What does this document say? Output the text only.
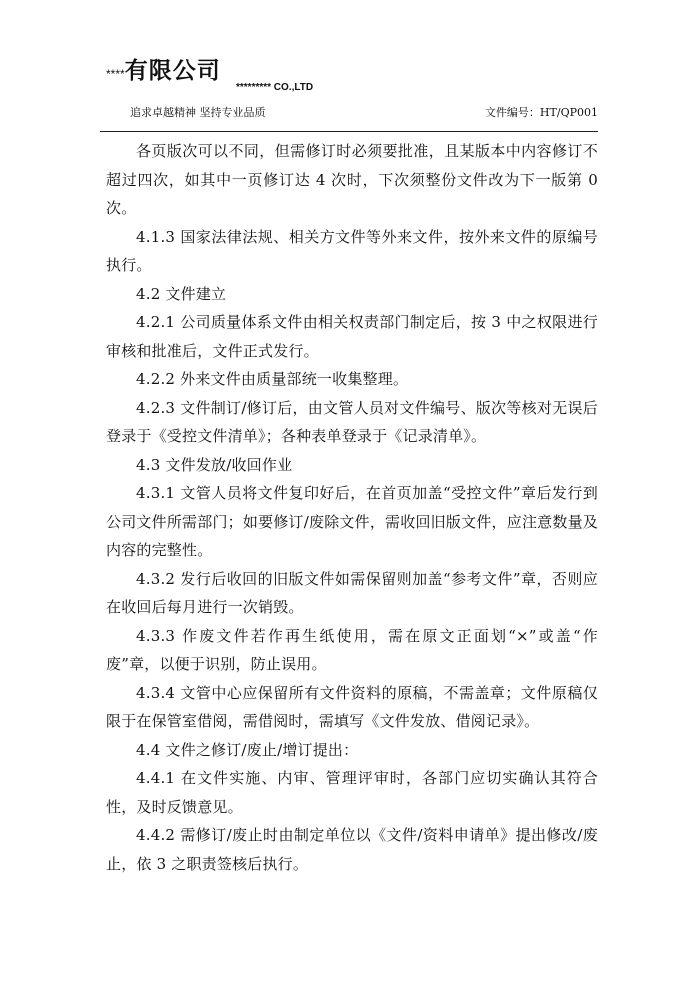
****有限公司
********* CO.,LTD
追求卓越精神 坚持专业品质	文件编号：HT/QP001

各页版次可以不同，但需修订时必须要批准，且某版本中内容修订不超过四次，如其中一页修订达 4 次时，下次须整份文件改为下一版第 0 次。

4.1.3 国家法律法规、相关方文件等外来文件，按外来文件的原编号执行。

4.2 文件建立

4.2.1 公司质量体系文件由相关权责部门制定后，按 3 中之权限进行审核和批准后，文件正式发行。

4.2.2 外来文件由质量部统一收集整理。

4.2.3 文件制订/修订后，由文管人员对文件编号、版次等核对无误后登录于《受控文件清单》；各种表单登录于《记录清单》。

4.3 文件发放/收回作业

4.3.1 文管人员将文件复印好后，在首页加盖“受控文件”章后发行到公司文件所需部门；如要修订/废除文件，需收回旧版文件，应注意数量及内容的完整性。

4.3.2 发行后收回的旧版文件如需保留则加盖“参考文件”章，否则应在收回后每月进行一次销毁。

4.3.3 作废文件若作再生纸使用，需在原文正面划“×”或盖“作废”章，以便于识别，防止误用。

4.3.4 文管中心应保留所有文件资料的原稿，不需盖章；文件原稿仅限于在保管室借阅，需借阅时，需填写《文件发放、借阅记录》。

4.4 文件之修订/废止/增订提出：

4.4.1 在文件实施、内审、管理评审时，各部门应切实确认其符合性，及时反馈意见。

4.4.2 需修订/废止时由制定单位以《文件/资料申请单》提出修改/废止，依 3 之职责签核后执行。
